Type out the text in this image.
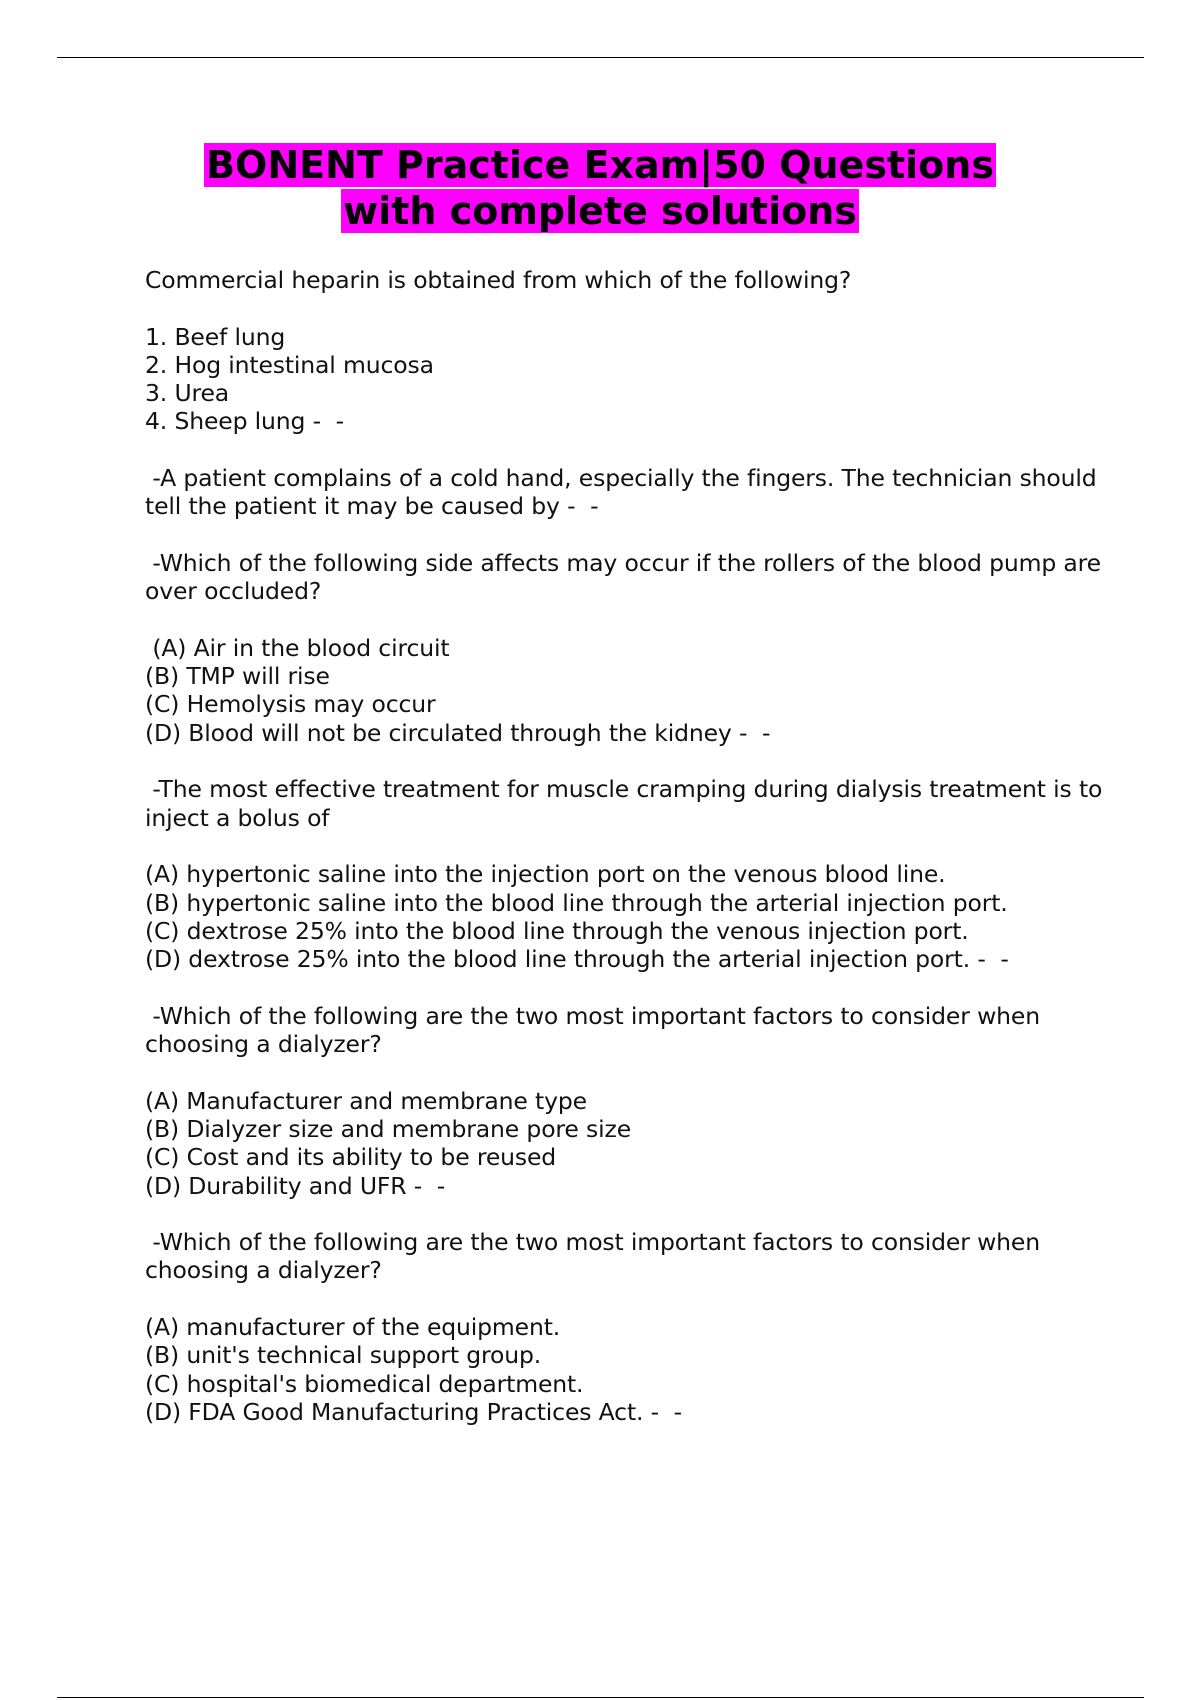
BONENT Practice Exam|50 Questions
with complete solutions
Commercial heparin is obtained from which of the following?
1. Beef lung
2. Hog intestinal mucosa
3. Urea
4. Sheep lung -  -
-A patient complains of a cold hand, especially the fingers. The technician should tell the patient it may be caused by -  -
-Which of the following side affects may occur if the rollers of the blood pump are over occluded?
(A) Air in the blood circuit
(B) TMP will rise
(C) Hemolysis may occur
(D) Blood will not be circulated through the kidney -  -
-The most effective treatment for muscle cramping during dialysis treatment is to inject a bolus of
(A) hypertonic saline into the injection port on the venous blood line.
(B) hypertonic saline into the blood line through the arterial injection port.
(C) dextrose 25% into the blood line through the venous injection port.
(D) dextrose 25% into the blood line through the arterial injection port. -  -
-Which of the following are the two most important factors to consider when choosing a dialyzer?
(A) Manufacturer and membrane type
(B) Dialyzer size and membrane pore size
(C) Cost and its ability to be reused
(D) Durability and UFR -  -
-Which of the following are the two most important factors to consider when choosing a dialyzer?
(A) manufacturer of the equipment.
(B) unit's technical support group.
(C) hospital's biomedical department.
(D) FDA Good Manufacturing Practices Act. -  -
